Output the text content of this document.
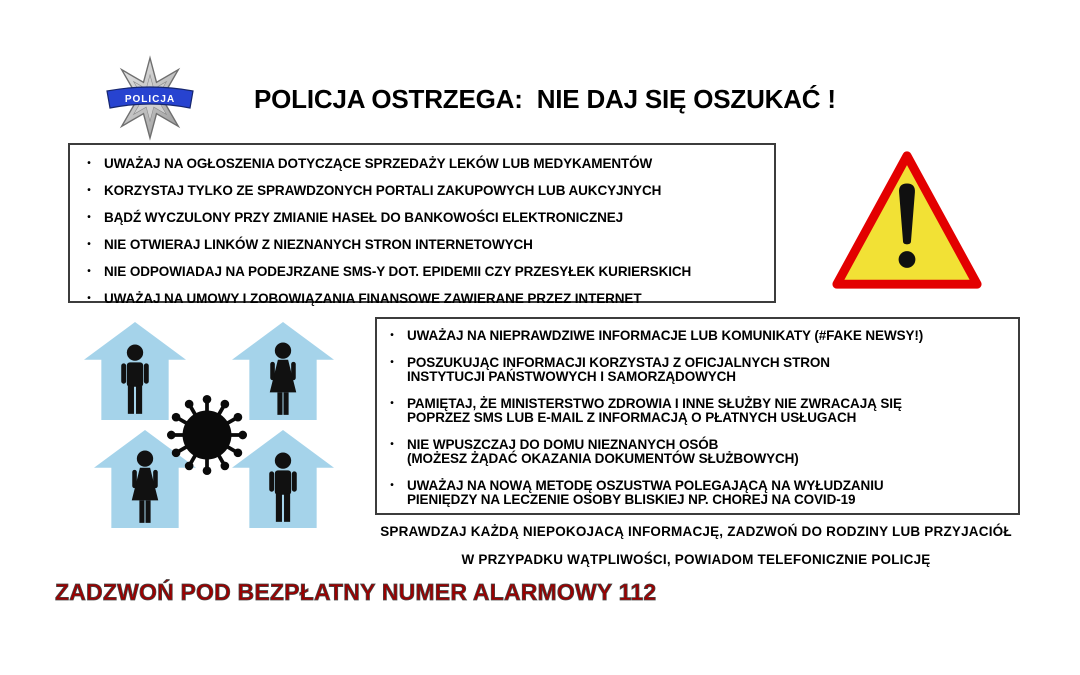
POLICJA	POLICJA OSTRZEGA:  NIE DAJ SIĘ OSZUKAĆ !
• UWAŻAJ NA OGŁOSZENIA DOTYCZĄCE SPRZEDAŻY LEKÓW LUB MEDYKAMENTÓW
• KORZYSTAJ TYLKO ZE SPRAWDZONYCH PORTALI ZAKUPOWYCH LUB AUKCYJNYCH
• BĄDŹ WYCZULONY PRZY ZMIANIE HASEŁ DO BANKOWOŚCI ELEKTRONICZNEJ
• NIE OTWIERAJ LINKÓW Z NIEZNANYCH STRON INTERNETOWYCH
• NIE ODPOWIADAJ NA PODEJRZANE SMS-Y DOT. EPIDEMII CZY PRZESYŁEK KURIERSKICH
• UWAŻAJ NA UMOWY I ZOBOWIĄZANIA FINANSOWE ZAWIERANE PRZEZ INTERNET
• UWAŻAJ NA NIEPRAWDZIWE INFORMACJE LUB KOMUNIKATY (#FAKE NEWSY!)
• POSZUKUJĄC INFORMACJI KORZYSTAJ Z OFICJALNYCH STRON
INSTYTUCJI PAŃSTWOWYCH I SAMORZĄDOWYCH
• PAMIĘTAJ, ŻE MINISTERSTWO ZDROWIA I INNE SŁUŻBY NIE ZWRACAJĄ SIĘ
POPRZEZ SMS LUB E-MAIL Z INFORMACJĄ O PŁATNYCH USŁUGACH
• NIE WPUSZCZAJ DO DOMU NIEZNANYCH OSÓB
(MOŻESZ ŻĄDAĆ OKAZANIA DOKUMENTÓW SŁUŻBOWYCH)
• UWAŻAJ NA NOWĄ METODĘ OSZUSTWA POLEGAJĄCĄ NA WYŁUDZANIU
PIENIĘDZY NA LECZENIE OSOBY BLISKIEJ NP. CHOREJ NA COVID-19
SPRAWDZAJ KAŻDĄ NIEPOKOJACĄ INFORMACJĘ, ZADZWOŃ DO RODZINY LUB PRZYJACIÓŁ
W PRZYPADKU WĄTPLIWOŚCI, POWIADOM TELEFONICZNIE POLICJĘ
ZADZWOŃ POD BEZPŁATNY NUMER ALARMOWY 112
